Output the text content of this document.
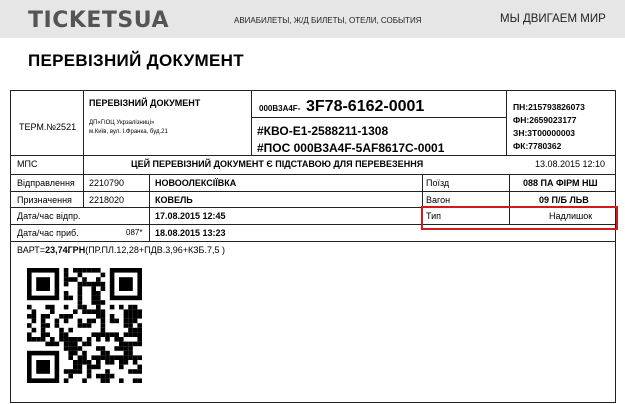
TICKETSUA	АВИАБИЛЕТЫ, Ж/Д БИЛЕТЫ, ОТЕЛИ, СОБЫТИЯ	МЫ ДВИГАЕМ МИР
ПЕРЕВІЗНИЙ ДОКУМЕНТ
ТЕРМ.№2521
ПЕРЕВІЗНИЙ ДОКУМЕНТ
ДП«ГІОЦ Укрзалізниці»
м.Київ, вул. І.Франка, буд.21
000B3A4F- 3F78-6162-0001
#КВО-Е1-2588211-1308
#ПОС 000B3A4F-5AF8617C-0001
ПН:215793826073
ФН:2659023177
ЗН:3Т00000003
ФК:7780362
МПС	ЦЕЙ ПЕРЕВІЗНИЙ ДОКУМЕНТ Є ПІДСТАВОЮ ДЛЯ ПЕРЕВЕЗЕННЯ	13.08.2015 12:10
Відправлення 2210790	НОВООЛЕКСІЇВКА	Поїзд	088 ПА ФІРМ НШ
Призначення 2218020	КОВЕЛЬ	Вагон	09 П/Б ЛЬВ
Дата/час відпр.	17.08.2015 12:45	Тип	Надлишок
Дата/час приб.	087* 18.08.2015 13:23
ВАРТ=23,74ГРН(ПР.ПЛ.12,28+ПДВ.3,96+КЗБ.7,5 )
